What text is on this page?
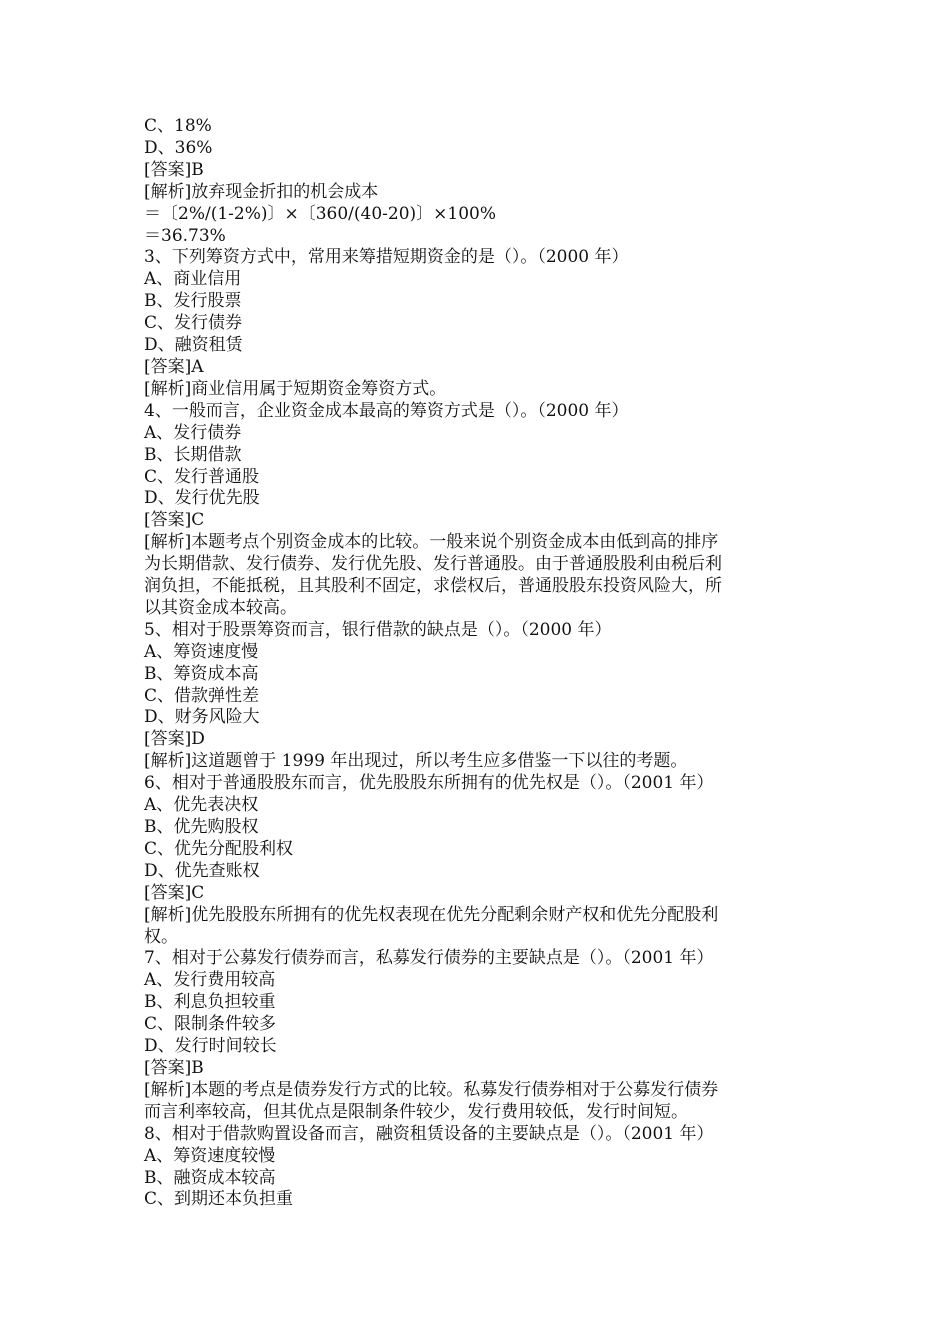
C、18%
D、36%
[答案]B
[解析]放弃现金折扣的机会成本
＝〔2%/(1-2%)〕×〔360/(40-20)〕×100%
＝36.73%
3、下列筹资方式中，常用来筹措短期资金的是（）。（2000 年）
A、商业信用
B、发行股票
C、发行债券
D、融资租赁
[答案]A
[解析]商业信用属于短期资金筹资方式。
4、一般而言，企业资金成本最高的筹资方式是（）。（2000 年）
A、发行债券
B、长期借款
C、发行普通股
D、发行优先股
[答案]C
[解析]本题考点个别资金成本的比较。一般来说个别资金成本由低到高的排序
为长期借款、发行债券、发行优先股、发行普通股。由于普通股股利由税后利
润负担，不能抵税，且其股利不固定，求偿权后，普通股股东投资风险大，所
以其资金成本较高。
5、相对于股票筹资而言，银行借款的缺点是（）。（2000 年）
A、筹资速度慢
B、筹资成本高
C、借款弹性差
D、财务风险大
[答案]D
[解析]这道题曾于 1999 年出现过，所以考生应多借鉴一下以往的考题。
6、相对于普通股股东而言，优先股股东所拥有的优先权是（）。（2001 年）
A、优先表决权
B、优先购股权
C、优先分配股利权
D、优先查账权
[答案]C
[解析]优先股股东所拥有的优先权表现在优先分配剩余财产权和优先分配股利
权。
7、相对于公募发行债券而言，私募发行债券的主要缺点是（）。（2001 年）
A、发行费用较高
B、利息负担较重
C、限制条件较多
D、发行时间较长
[答案]B
[解析]本题的考点是债券发行方式的比较。私募发行债券相对于公募发行债券
而言利率较高，但其优点是限制条件较少，发行费用较低，发行时间短。
8、相对于借款购置设备而言，融资租赁设备的主要缺点是（）。（2001 年）
A、筹资速度较慢
B、融资成本较高
C、到期还本负担重
